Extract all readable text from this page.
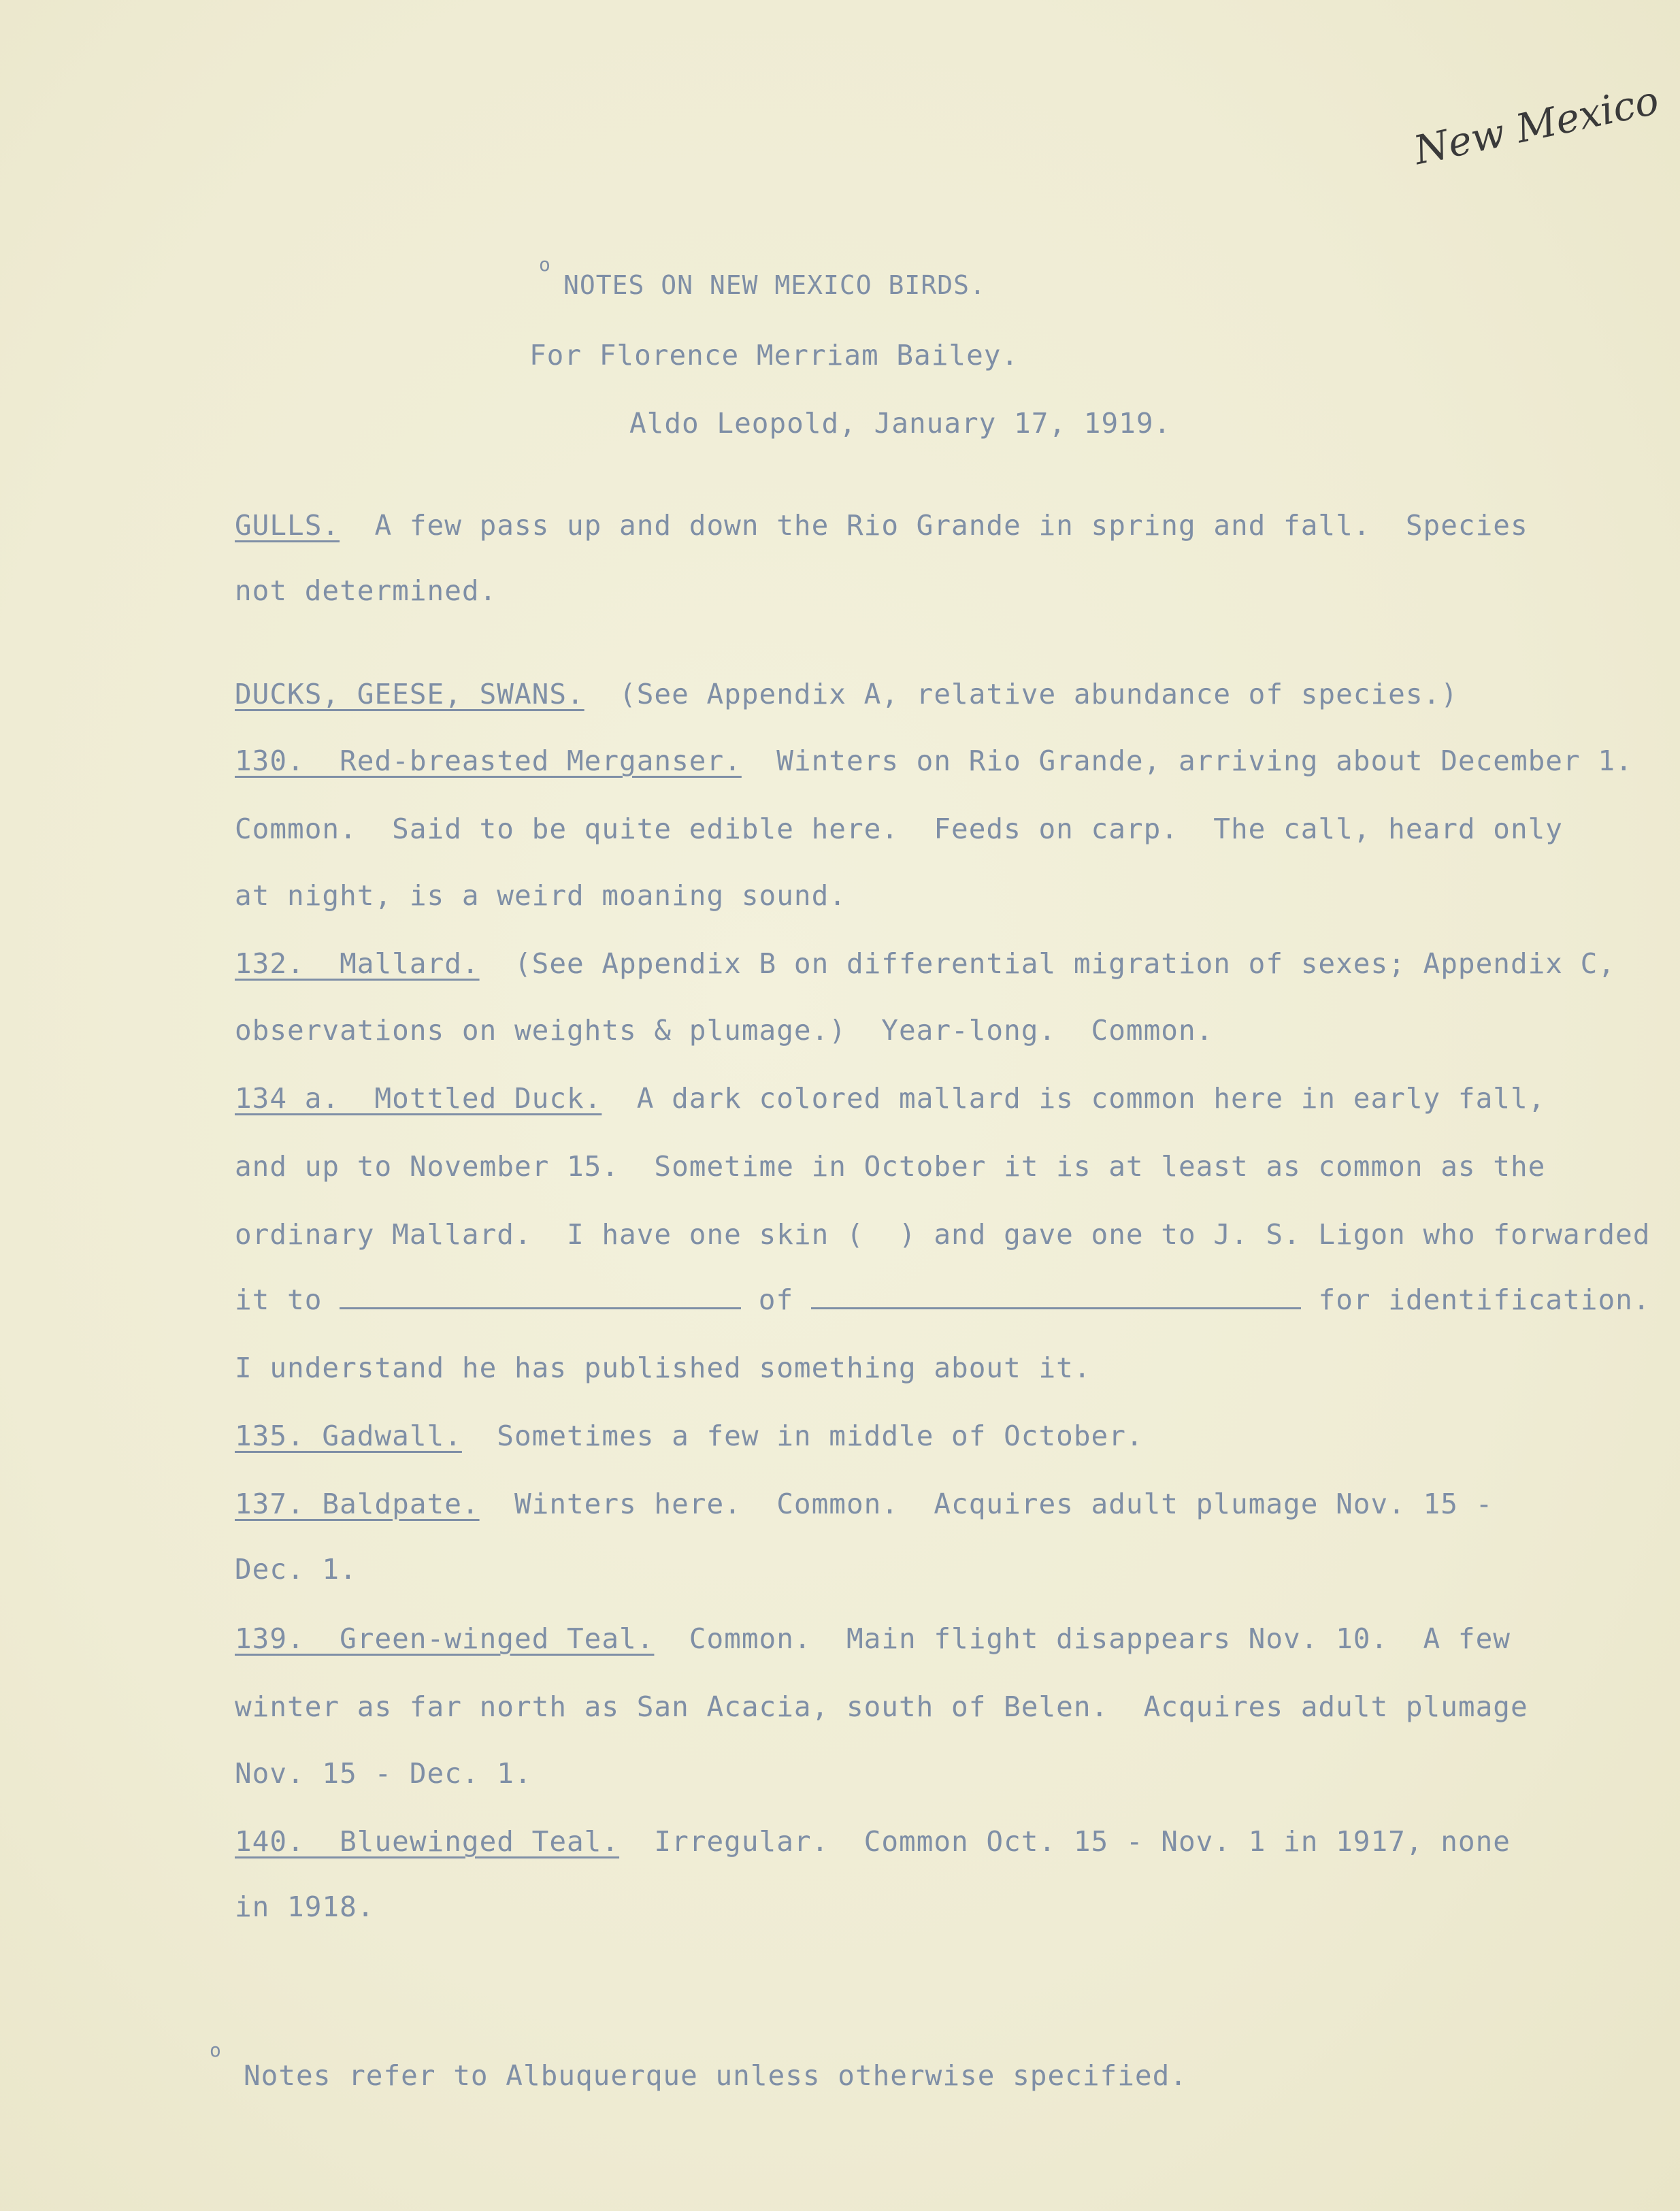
New Mexico
o
NOTES ON NEW MEXICO BIRDS.
For Florence Merriam Bailey.
Aldo Leopold, January 17, 1919.
GULLS.  A few pass up and down the Rio Grande in spring and fall.  Species
not determined.
DUCKS, GEESE, SWANS.  (See Appendix A, relative abundance of species.)
130.  Red-breasted Merganser.  Winters on Rio Grande, arriving about December 1.
Common.  Said to be quite edible here.  Feeds on carp.  The call, heard only
at night, is a weird moaning sound.
132.  Mallard.  (See Appendix B on differential migration of sexes; Appendix C,
observations on weights & plumage.)  Year-long.  Common.
134 a.  Mottled Duck.  A dark colored mallard is common here in early fall,
and up to November 15.  Sometime in October it is at least as common as the
ordinary Mallard.  I have one skin (  ) and gave one to J. S. Ligon who forwarded
it to	of	for identification.
I understand he has published something about it.
135. Gadwall.  Sometimes a few in middle of October.
137. Baldpate.  Winters here.  Common.  Acquires adult plumage Nov. 15 -
Dec. 1.
139.  Green-winged Teal.  Common.  Main flight disappears Nov. 10.  A few
winter as far north as San Acacia, south of Belen.  Acquires adult plumage
Nov. 15 - Dec. 1.
140.  Bluewinged Teal.  Irregular.  Common Oct. 15 - Nov. 1 in 1917, none
in 1918.
o
Notes refer to Albuquerque unless otherwise specified.
